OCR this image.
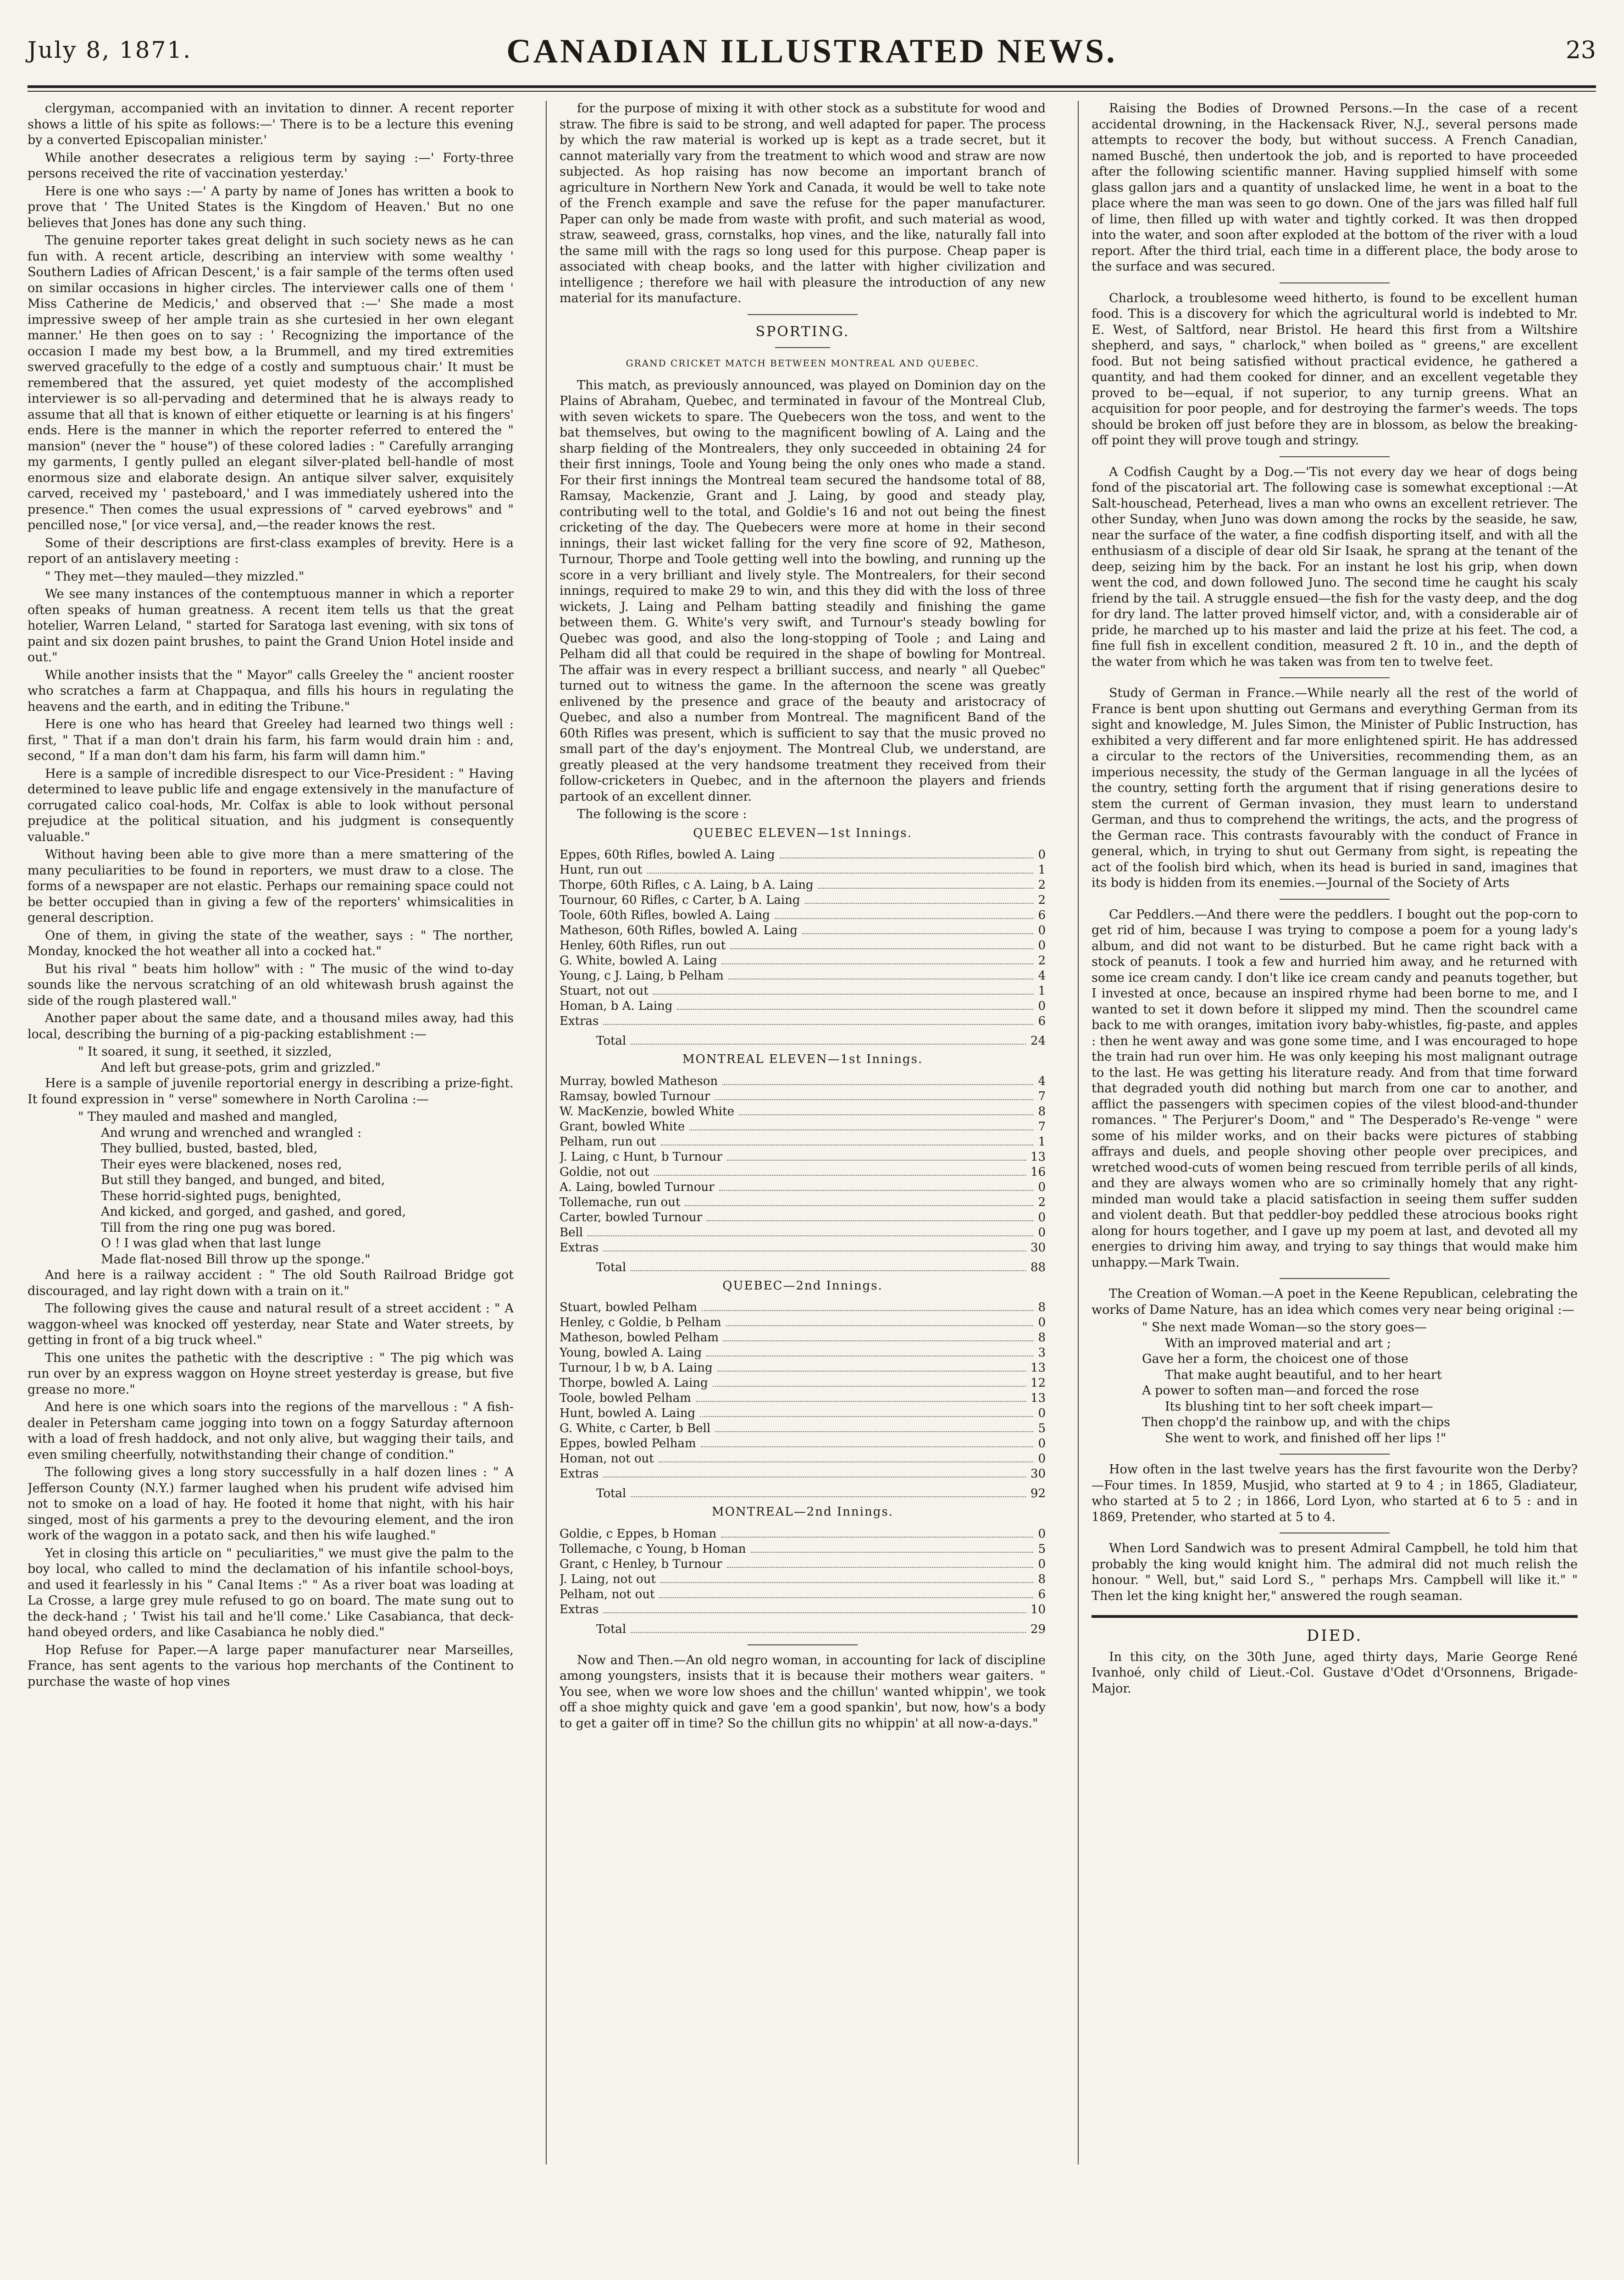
July 8, 1871.	CANADIAN ILLUSTRATED NEWS.	23

clergyman, accompanied with an invitation to dinner. A recent reporter shows a little of his spite as follows:—' There is to be a lecture this evening by a converted Episcopalian minister.'

While another desecrates a religious term by saying :—' Forty-three persons received the rite of vaccination yesterday.'

Here is one who says :—' A party by name of Jones has written a book to prove that ' The United States is the Kingdom of Heaven.' But no one believes that Jones has done any such thing.

The genuine reporter takes great delight in such society news as he can fun with. A recent article, describing an interview with some wealthy ' Southern Ladies of African Descent,' is a fair sample of the terms often used on similar occasions in higher circles. The interviewer calls one of them ' Miss Catherine de Medicis,' and observed that :—' She made a most impressive sweep of her ample train as she curtesied in her own elegant manner.' He then goes on to say : ' Recognizing the importance of the occasion I made my best bow, a la Brummell, and my tired extremities swerved gracefully to the edge of a costly and sumptuous chair.' It must be remembered that the assured, yet quiet modesty of the accomplished interviewer is so all-pervading and determined that he is always ready to assume that all that is known of either etiquette or learning is at his fingers' ends. Here is the manner in which the reporter referred to entered the " mansion" (never the " house") of these colored ladies : " Carefully arranging my garments, I gently pulled an elegant silver-plated bell-handle of most enormous size and elaborate design. An antique silver salver, exquisitely carved, received my ' pasteboard,' and I was immediately ushered into the presence." Then comes the usual expressions of " carved eyebrows" and " pencilled nose," [or vice versa], and,—the reader knows the rest.

Some of their descriptions are first-class examples of brevity. Here is a report of an antislavery meeting :

" They met—they mauled—they mizzled."

We see many instances of the contemptuous manner in which a reporter often speaks of human greatness. A recent item tells us that the great hotelier, Warren Leland, " started for Saratoga last evening, with six tons of paint and six dozen paint brushes, to paint the Grand Union Hotel inside and out."

While another insists that the " Mayor" calls Greeley the " ancient rooster who scratches a farm at Chappaqua, and fills his hours in regulating the heavens and the earth, and in editing the Tribune."

Here is one who has heard that Greeley had learned two things well : first, " That if a man don't drain his farm, his farm would drain him : and, second, " If a man don't dam his farm, his farm will damn him."

Here is a sample of incredible disrespect to our Vice-President : " Having determined to leave public life and engage extensively in the manufacture of corrugated calico coal-hods, Mr. Colfax is able to look without personal prejudice at the political situation, and his judgment is consequently valuable."

Without having been able to give more than a mere smattering of the many peculiarities to be found in reporters, we must draw to a close. The forms of a newspaper are not elastic. Perhaps our remaining space could not be better occupied than in giving a few of the reporters' whimsicalities in general description.

One of them, in giving the state of the weather, says : " The norther, Monday, knocked the hot weather all into a cocked hat."

But his rival " beats him hollow" with : " The music of the wind to-day sounds like the nervous scratching of an old whitewash brush against the side of the rough plastered wall."

Another paper about the same date, and a thousand miles away, had this local, describing the burning of a pig-packing establishment :—

" It soared, it sung, it seethed, it sizzled,

And left but grease-pots, grim and grizzled."

Here is a sample of juvenile reportorial energy in describing a prize-fight. It found expression in " verse" somewhere in North Carolina :—

" They mauled and mashed and mangled,

And wrung and wrenched and wrangled :

They bullied, busted, basted, bled,

Their eyes were blackened, noses red,

But still they banged, and bunged, and bited,

These horrid-sighted pugs, benighted,

And kicked, and gorged, and gashed, and gored,

Till from the ring one pug was bored.

O ! I was glad when that last lunge

Made flat-nosed Bill throw up the sponge."

And here is a railway accident : " The old South Railroad Bridge got discouraged, and lay right down with a train on it."

The following gives the cause and natural result of a street accident : " A waggon-wheel was knocked off yesterday, near State and Water streets, by getting in front of a big truck wheel."

This one unites the pathetic with the descriptive : " The pig which was run over by an express waggon on Hoyne street yesterday is grease, but five grease no more."

And here is one which soars into the regions of the marvellous : " A fish-dealer in Petersham came jogging into town on a foggy Saturday afternoon with a load of fresh haddock, and not only alive, but wagging their tails, and even smiling cheerfully, notwithstanding their change of condition."

The following gives a long story successfully in a half dozen lines : " A Jefferson County (N.Y.) farmer laughed when his prudent wife advised him not to smoke on a load of hay. He footed it home that night, with his hair singed, most of his garments a prey to the devouring element, and the iron work of the waggon in a potato sack, and then his wife laughed."

Yet in closing this article on " peculiarities," we must give the palm to the boy local, who called to mind the declamation of his infantile school-boys, and used it fearlessly in his " Canal Items :" " As a river boat was loading at La Crosse, a large grey mule refused to go on board. The mate sung out to the deck-hand ; ' Twist his tail and he'll come.' Like Casabianca, that deck-hand obeyed orders, and like Casabianca he nobly died."

Hop Refuse for Paper.—A large paper manufacturer near Marseilles, France, has sent agents to the various hop merchants of the Continent to purchase the waste of hop vines

for the purpose of mixing it with other stock as a substitute for wood and straw. The fibre is said to be strong, and well adapted for paper. The process by which the raw material is worked up is kept as a trade secret, but it cannot materially vary from the treatment to which wood and straw are now subjected. As hop raising has now become an important branch of agriculture in Northern New York and Canada, it would be well to take note of the French example and save the refuse for the paper manufacturer. Paper can only be made from waste with profit, and such material as wood, straw, seaweed, grass, cornstalks, hop vines, and the like, naturally fall into the same mill with the rags so long used for this purpose. Cheap paper is associated with cheap books, and the latter with higher civilization and intelligence ; therefore we hail with pleasure the introduction of any new material for its manufacture.

SPORTING.
GRAND CRICKET MATCH BETWEEN MONTREAL AND QUEBEC.

This match, as previously announced, was played on Dominion day on the Plains of Abraham, Quebec, and terminated in favour of the Montreal Club, with seven wickets to spare. The Quebecers won the toss, and went to the bat themselves, but owing to the magnificent bowling of A. Laing and the sharp fielding of the Montrealers, they only succeeded in obtaining 24 for their first innings, Toole and Young being the only ones who made a stand. For their first innings the Montreal team secured the handsome total of 88, Ramsay, Mackenzie, Grant and J. Laing, by good and steady play, contributing well to the total, and Goldie's 16 and not out being the finest cricketing of the day. The Quebecers were more at home in their second innings, their last wicket falling for the very fine score of 92, Matheson, Turnour, Thorpe and Toole getting well into the bowling, and running up the score in a very brilliant and lively style. The Montrealers, for their second innings, required to make 29 to win, and this they did with the loss of three wickets, J. Laing and Pelham batting steadily and finishing the game between them. G. White's very swift, and Turnour's steady bowling for Quebec was good, and also the long-stopping of Toole ; and Laing and Pelham did all that could be required in the shape of bowling for Montreal. The affair was in every respect a brilliant success, and nearly " all Quebec" turned out to witness the game. In the afternoon the scene was greatly enlivened by the presence and grace of the beauty and aristocracy of Quebec, and also a number from Montreal. The magnificent Band of the 60th Rifles was present, which is sufficient to say that the music proved no small part of the day's enjoyment. The Montreal Club, we understand, are greatly pleased at the very handsome treatment they received from their follow-cricketers in Quebec, and in the afternoon the players and friends partook of an excellent dinner.

The following is the score :

QUEBEC ELEVEN—1st Innings.
Eppes, 60th Rifles, bowled A. Laing	0
Hunt, run out	1
Thorpe, 60th Rifles, c A. Laing, b A. Laing	2
Tournour, 60 Rifles, c Carter, b A. Laing	2
Toole, 60th Rifles, bowled A. Laing	6
Matheson, 60th Rifles, bowled A. Laing	0
Henley, 60th Rifles, run out	0
G. White, bowled A. Laing	2
Young, c J. Laing, b Pelham	4
Stuart, not out	1
Homan, b A. Laing	0
Extras	6
Total	24
MONTREAL ELEVEN—1st Innings.
Murray, bowled Matheson	4
Ramsay, bowled Turnour	7
W. MacKenzie, bowled White	8
Grant, bowled White	7
Pelham, run out	1
J. Laing, c Hunt, b Turnour	13
Goldie, not out	16
A. Laing, bowled Turnour	0
Tollemache, run out	2
Carter, bowled Turnour	0
Bell	0
Extras	30
Total	88
QUEBEC—2nd Innings.
Stuart, bowled Pelham	8
Henley, c Goldie, b Pelham	0
Matheson, bowled Pelham	8
Young, bowled A. Laing	3
Turnour, l b w, b A. Laing	13
Thorpe, bowled A. Laing	12
Toole, bowled Pelham	13
Hunt, bowled A. Laing	0
G. White, c Carter, b Bell	5
Eppes, bowled Pelham	0
Homan, not out	0
Extras	30
Total	92
MONTREAL—2nd Innings.
Goldie, c Eppes, b Homan	0
Tollemache, c Young, b Homan	5
Grant, c Henley, b Turnour	0
J. Laing, not out	8
Pelham, not out	6
Extras	10
Total	29

Now and Then.—An old negro woman, in accounting for lack of discipline among youngsters, insists that it is because their mothers wear gaiters. " You see, when we wore low shoes and the chillun' wanted whippin', we took off a shoe mighty quick and gave 'em a good spankin', but now, how's a body to get a gaiter off in time? So the chillun gits no whippin' at all now-a-days."

Raising the Bodies of Drowned Persons.—In the case of a recent accidental drowning, in the Hackensack River, N.J., several persons made attempts to recover the body, but without success. A French Canadian, named Busché, then undertook the job, and is reported to have proceeded after the following scientific manner. Having supplied himself with some glass gallon jars and a quantity of unslacked lime, he went in a boat to the place where the man was seen to go down. One of the jars was filled half full of lime, then filled up with water and tightly corked. It was then dropped into the water, and soon after exploded at the bottom of the river with a loud report. After the third trial, each time in a different place, the body arose to the surface and was secured.

Charlock, a troublesome weed hitherto, is found to be excellent human food. This is a discovery for which the agricultural world is indebted to Mr. E. West, of Saltford, near Bristol. He heard this first from a Wiltshire shepherd, and says, " charlock," when boiled as " greens," are excellent food. But not being satisfied without practical evidence, he gathered a quantity, and had them cooked for dinner, and an excellent vegetable they proved to be—equal, if not superior, to any turnip greens. What an acquisition for poor people, and for destroying the farmer's weeds. The tops should be broken off just before they are in blossom, as below the breaking-off point they will prove tough and stringy.

A Codfish Caught by a Dog.—'Tis not every day we hear of dogs being fond of the piscatorial art. The following case is somewhat exceptional :—At Salt-houschead, Peterhead, lives a man who owns an excellent retriever. The other Sunday, when Juno was down among the rocks by the seaside, he saw, near the surface of the water, a fine codfish disporting itself, and with all the enthusiasm of a disciple of dear old Sir Isaak, he sprang at the tenant of the deep, seizing him by the back. For an instant he lost his grip, when down went the cod, and down followed Juno. The second time he caught his scaly friend by the tail. A struggle ensued—the fish for the vasty deep, and the dog for dry land. The latter proved himself victor, and, with a considerable air of pride, he marched up to his master and laid the prize at his feet. The cod, a fine full fish in excellent condition, measured 2 ft. 10 in., and the depth of the water from which he was taken was from ten to twelve feet.

Study of German in France.—While nearly all the rest of the world of France is bent upon shutting out Germans and everything German from its sight and knowledge, M. Jules Simon, the Minister of Public Instruction, has exhibited a very different and far more enlightened spirit. He has addressed a circular to the rectors of the Universities, recommending them, as an imperious necessity, the study of the German language in all the lycées of the country, setting forth the argument that if rising generations desire to stem the current of German invasion, they must learn to understand German, and thus to comprehend the writings, the acts, and the progress of the German race. This contrasts favourably with the conduct of France in general, which, in trying to shut out Germany from sight, is repeating the act of the foolish bird which, when its head is buried in sand, imagines that its body is hidden from its enemies.—Journal of the Society of Arts

Car Peddlers.—And there were the peddlers. I bought out the pop-corn to get rid of him, because I was trying to compose a poem for a young lady's album, and did not want to be disturbed. But he came right back with a stock of peanuts. I took a few and hurried him away, and he returned with some ice cream candy. I don't like ice cream candy and peanuts together, but I invested at once, because an inspired rhyme had been borne to me, and I wanted to set it down before it slipped my mind. Then the scoundrel came back to me with oranges, imitation ivory baby-whistles, fig-paste, and apples : then he went away and was gone some time, and I was encouraged to hope the train had run over him. He was only keeping his most malignant outrage to the last. He was getting his literature ready. And from that time forward that degraded youth did nothing but march from one car to another, and afflict the passengers with specimen copies of the vilest blood-and-thunder romances. " The Perjurer's Doom," and " The Desperado's Re-venge " were some of his milder works, and on their backs were pictures of stabbing affrays and duels, and people shoving other people over precipices, and wretched wood-cuts of women being rescued from terrible perils of all kinds, and they are always women who are so criminally homely that any right-minded man would take a placid satisfaction in seeing them suffer sudden and violent death. But that peddler-boy peddled these atrocious books right along for hours together, and I gave up my poem at last, and devoted all my energies to driving him away, and trying to say things that would make him unhappy.—Mark Twain.

The Creation of Woman.—A poet in the Keene Republican, celebrating the works of Dame Nature, has an idea which comes very near being original :—

" She next made Woman—so the story goes—

With an improved material and art ;

Gave her a form, the choicest one of those

That make aught beautiful, and to her heart

A power to soften man—and forced the rose

Its blushing tint to her soft cheek impart—

Then chopp'd the rainbow up, and with the chips

She went to work, and finished off her lips !"

How often in the last twelve years has the first favourite won the Derby?—Four times. In 1859, Musjid, who started at 9 to 4 ; in 1865, Gladiateur, who started at 5 to 2 ; in 1866, Lord Lyon, who started at 6 to 5 : and in 1869, Pretender, who started at 5 to 4.

When Lord Sandwich was to present Admiral Campbell, he told him that probably the king would knight him. The admiral did not much relish the honour. " Well, but," said Lord S., " perhaps Mrs. Campbell will like it." " Then let the king knight her," answered the rough seaman.

DIED.

In this city, on the 30th June, aged thirty days, Marie George René Ivanhoé, only child of Lieut.-Col. Gustave d'Odet d'Orsonnens, Brigade-Major.
